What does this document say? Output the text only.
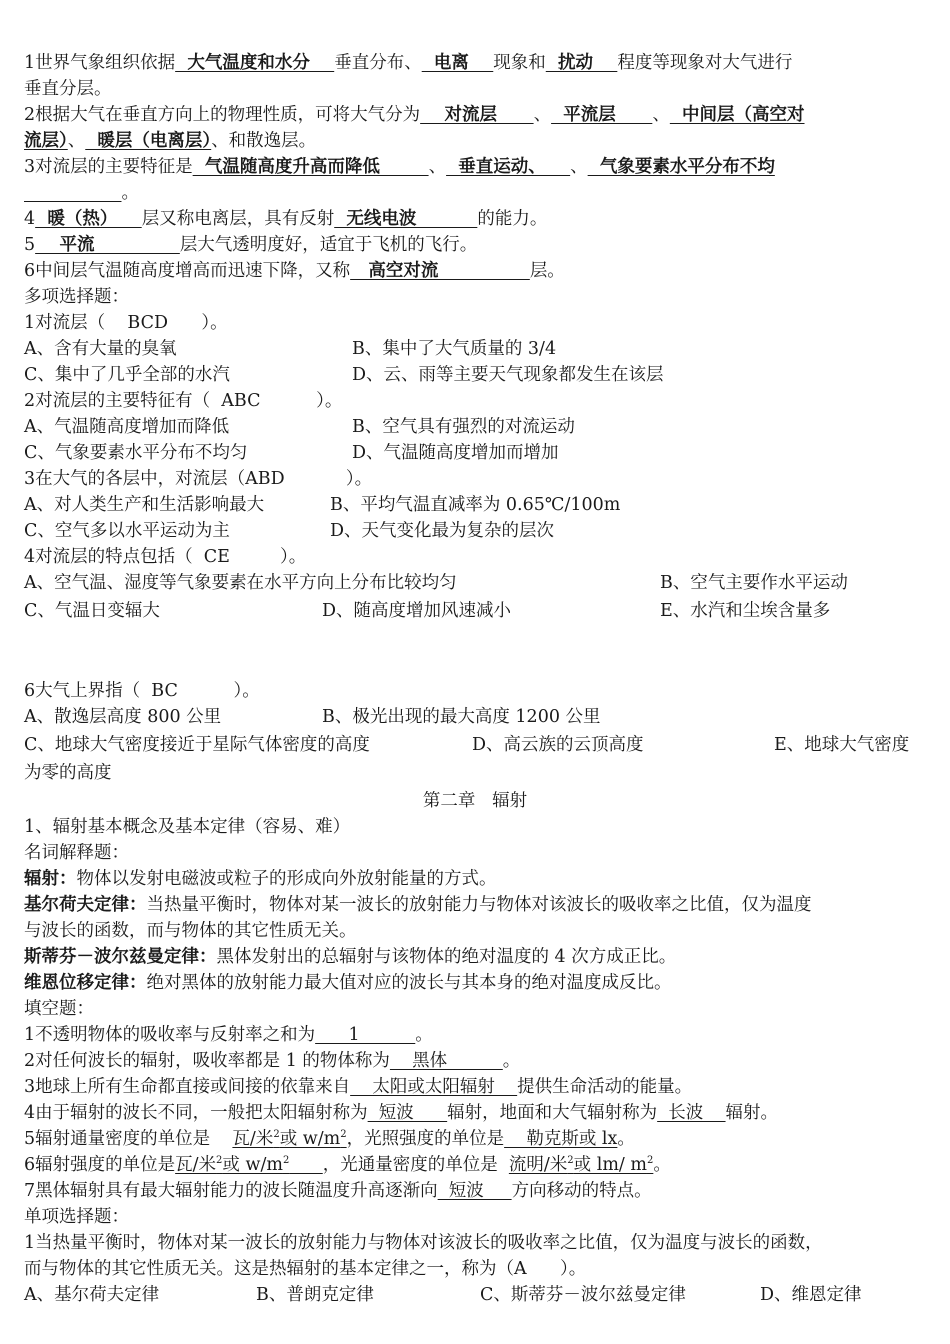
1世界气象组织依据  大气温度和水分    垂直分布、  电离    现象和  扰动    程度等现象对大气进行
垂直分层。
2根据大气在垂直方向上的物理性质，可将大气分为    对流层      、  平流层      、  中间层（高空对
流层）、  暖层（电离层）、和散逸层。
3对流层的主要特征是  气温随高度升高而降低        、  垂直运动、    、  气象要素水平分布不均
。
4  暖（热）    层又称电离层，具有反射  无线电波          的能力。
5    平流              层大气透明度好，适宜于飞机的飞行。
6中间层气温随高度增高而迅速下降，又称   高空对流               层。
多项选择题：
1对流层（    BCD      ）。
A、含有大量的臭氧	B、集中了大气质量的 3/4
C、集中了几乎全部的水汽	D、云、雨等主要天气现象都发生在该层
2对流层的主要特征有（  ABC          ）。
A、气温随高度增加而降低	B、空气具有强烈的对流运动
C、气象要素水平分布不均匀	D、气温随高度增加而增加
3在大气的各层中，对流层（ABD           ）。
A、对人类生产和生活影响最大	B、平均气温直减率为 0.65℃/100m
C、空气多以水平运动为主	D、天气变化最为复杂的层次
4对流层的特点包括（  CE         ）。
A、空气温、湿度等气象要素在水平方向上分布比较均匀	B、空气主要作水平运动
C、气温日变辐大	D、随高度增加风速减小	E、水汽和尘埃含量多
6大气上界指（  BC          ）。
A、散逸层高度 800 公里	B、极光出现的最大高度 1200 公里
C、地球大气密度接近于星际气体密度的高度	D、高云族的云顶高度	E、地球大气密度
为零的高度
第二章   辐射
1、辐射基本概念及基本定律（容易、难）
名词解释题：
辐射：物体以发射电磁波或粒子的形成向外放射能量的方式。
基尔荷夫定律：当热量平衡时，物体对某一波长的放射能力与物体对该波长的吸收率之比值，仅为温度
与波长的函数，而与物体的其它性质无关。
斯蒂芬－波尔兹曼定律：黑体发射出的总辐射与该物体的绝对温度的 4 次方成正比。
维恩位移定律：绝对黑体的放射能力最大值对应的波长与其本身的绝对温度成反比。
填空题：
1不透明物体的吸收率与反射率之和为      1          。
2对任何波长的辐射，吸收率都是 1 的物体称为    黑体          。
3地球上所有生命都直接或间接的依靠来自    太阳或太阳辐射    提供生命活动的能量。
4由于辐射的波长不同，一般把太阳辐射称为  短波      辐射，地面和大气辐射称为  长波    辐射。
5辐射通量密度的单位是 瓦/米$^2$或 $w/m^2$，光照强度的单位是    勒克斯或 lx。
6辐射强度的单位是瓦/米$^2$或 $w/m^2$ ，光通量密度的单位是 流明/米$^2$或 lm/ $m^2$。
7黑体辐射具有最大辐射能力的波长随温度升高逐渐向  短波     方向移动的特点。
单项选择题：
1当热量平衡时，物体对某一波长的放射能力与物体对该波长的吸收率之比值，仅为温度与波长的函数，
而与物体的其它性质无关。这是热辐射的基本定律之一，称为（A      ）。
A、基尔荷夫定律	B、普朗克定律	C、斯蒂芬－波尔兹曼定律	D、维恩定律
